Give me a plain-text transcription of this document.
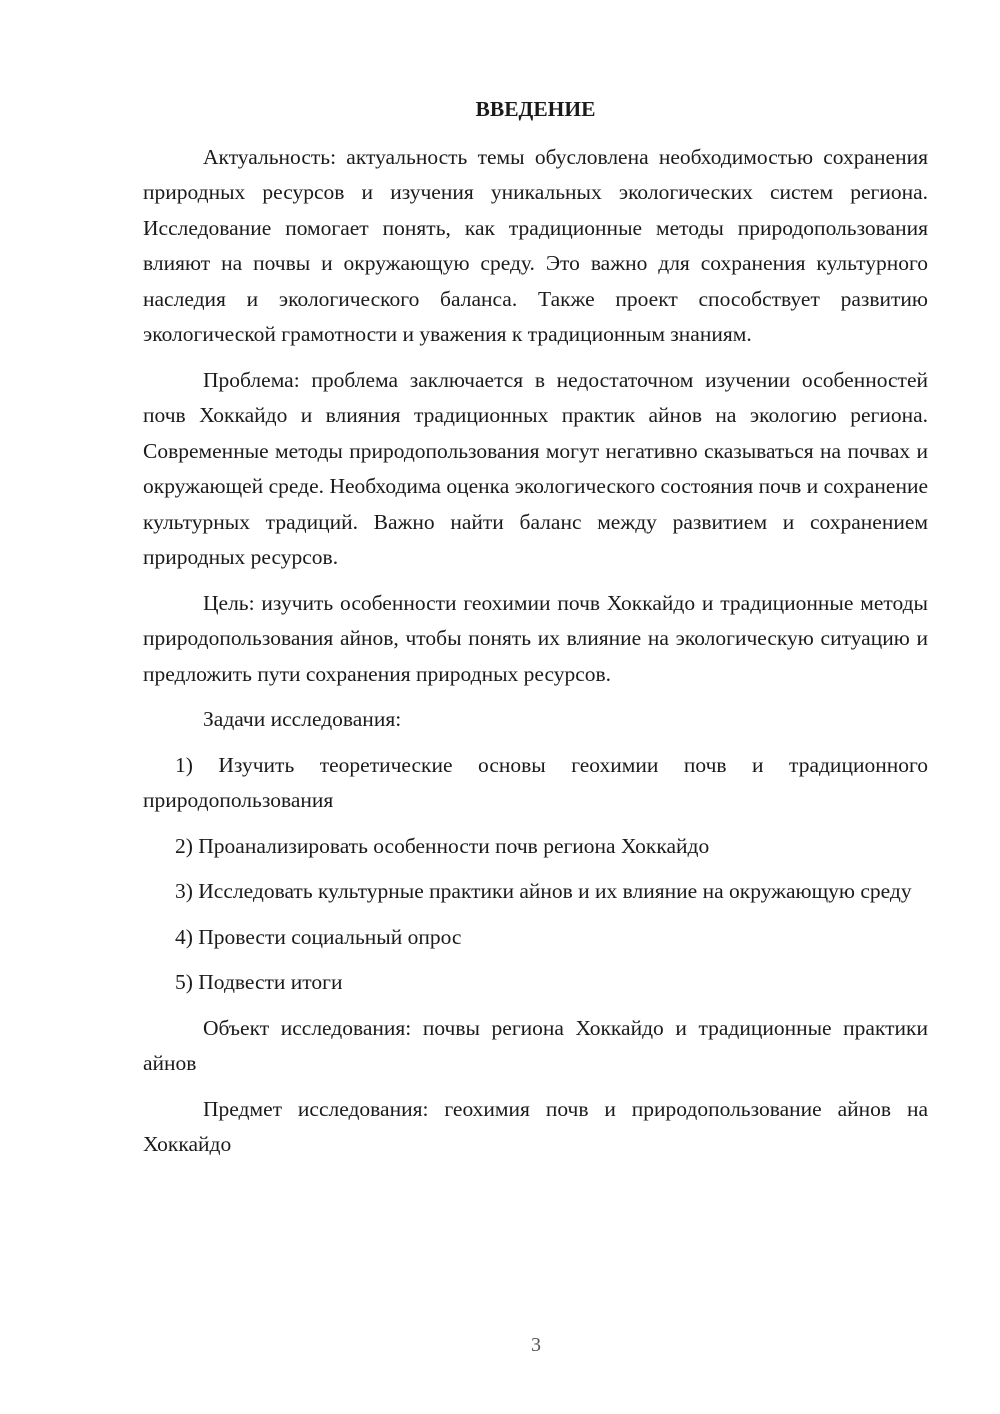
ВВЕДЕНИЕ

Актуальность: актуальность темы обусловлена необходимостью сохранения природных ресурсов и изучения уникальных экологических систем региона. Исследование помогает понять, как традиционные методы природопользования влияют на почвы и окружающую среду. Это важно для сохранения культурного наследия и экологического баланса. Также проект способствует развитию экологической грамотности и уважения к традиционным знаниям.

Проблема: проблема заключается в недостаточном изучении особенностей почв Хоккайдо и влияния традиционных практик айнов на экологию региона. Современные методы природопользования могут негативно сказываться на почвах и окружающей среде. Необходима оценка экологического состояния почв и сохранение культурных традиций. Важно найти баланс между развитием и сохранением природных ресурсов.

Цель: изучить особенности геохимии почв Хоккайдо и традиционные методы природопользования айнов, чтобы понять их влияние на экологическую ситуацию и предложить пути сохранения природных ресурсов.

Задачи исследования:

1) Изучить теоретические основы геохимии почв и традиционного природопользования

2) Проанализировать особенности почв региона Хоккайдо

3) Исследовать культурные практики айнов и их влияние на окружающую среду

4) Провести социальный опрос

5) Подвести итоги

Объект исследования: почвы региона Хоккайдо и традиционные практики айнов

Предмет исследования: геохимия почв и природопользование айнов на Хоккайдо

3
